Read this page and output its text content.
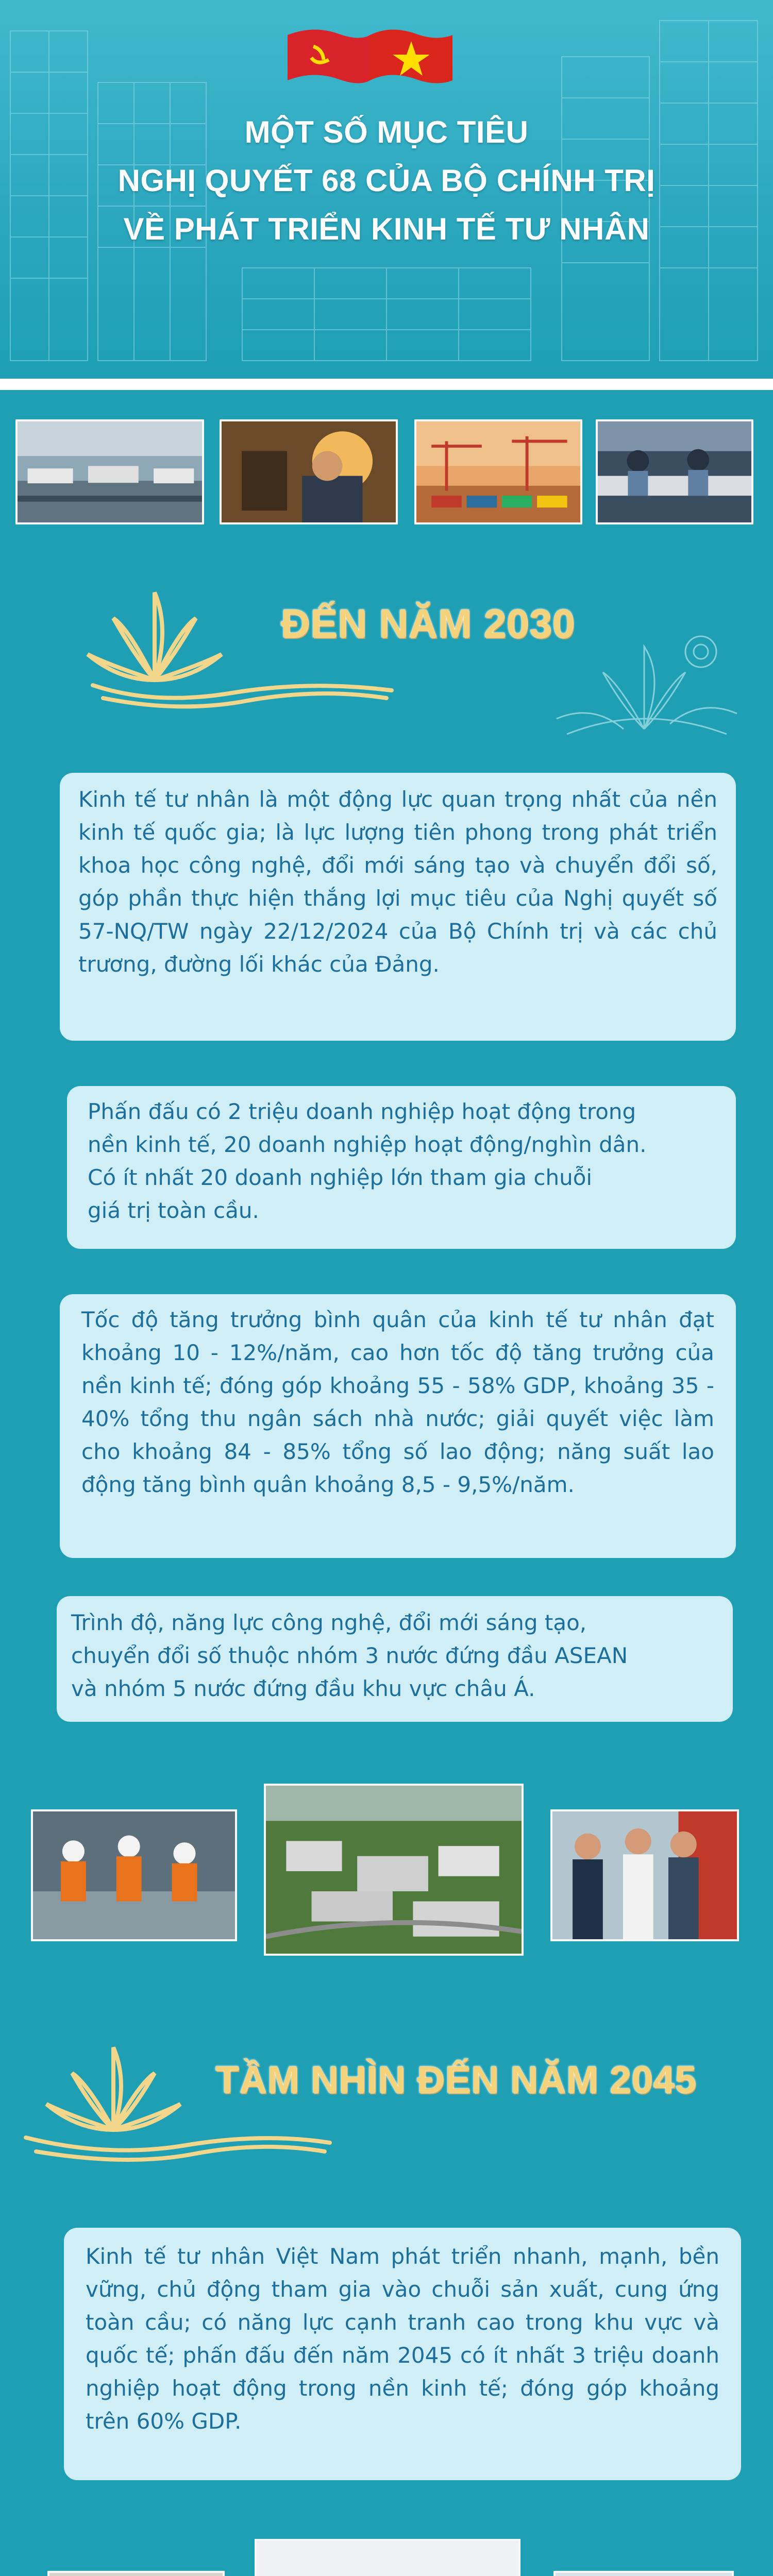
MỘT SỐ MỤC TIÊU
NGHỊ QUYẾT 68 CỦA BỘ CHÍNH TRỊ
VỀ PHÁT TRIỂN KINH TẾ TƯ NHÂN
ĐẾN NĂM 2030

Kinh tế tư nhân là một động lực quan trọng nhất của nền kinh tế quốc gia; là lực lượng tiên phong trong phát triển khoa học công nghệ, đổi mới sáng tạo và chuyển đổi số, góp phần thực hiện thắng lợi mục tiêu của Nghị quyết số 57-NQ/TW ngày 22/12/2024 của Bộ Chính trị và các chủ trương, đường lối khác của Đảng.

Phấn đấu có 2 triệu doanh nghiệp hoạt động trong

nền kinh tế, 20 doanh nghiệp hoạt động/nghìn dân.

Có ít nhất 20 doanh nghiệp lớn tham gia chuỗi

giá trị toàn cầu.

Tốc độ tăng trưởng bình quân của kinh tế tư nhân đạt khoảng 10 - 12%/năm, cao hơn tốc độ tăng trưởng của nền kinh tế; đóng góp khoảng 55 - 58% GDP, khoảng 35 - 40% tổng thu ngân sách nhà nước; giải quyết việc làm cho khoảng 84 - 85% tổng số lao động; năng suất lao động tăng bình quân khoảng 8,5 - 9,5%/năm.

Trình độ, năng lực công nghệ, đổi mới sáng tạo,

chuyển đổi số thuộc nhóm 3 nước đứng đầu ASEAN

và nhóm 5 nước đứng đầu khu vực châu Á.

TẦM NHÌN ĐẾN NĂM 2045

Kinh tế tư nhân Việt Nam phát triển nhanh, mạnh, bền vững, chủ động tham gia vào chuỗi sản xuất, cung ứng toàn cầu; có năng lực cạnh tranh cao trong khu vực và quốc tế; phấn đấu đến năm 2045 có ít nhất 3 triệu doanh nghiệp hoạt động trong nền kinh tế; đóng góp khoảng trên 60% GDP.
